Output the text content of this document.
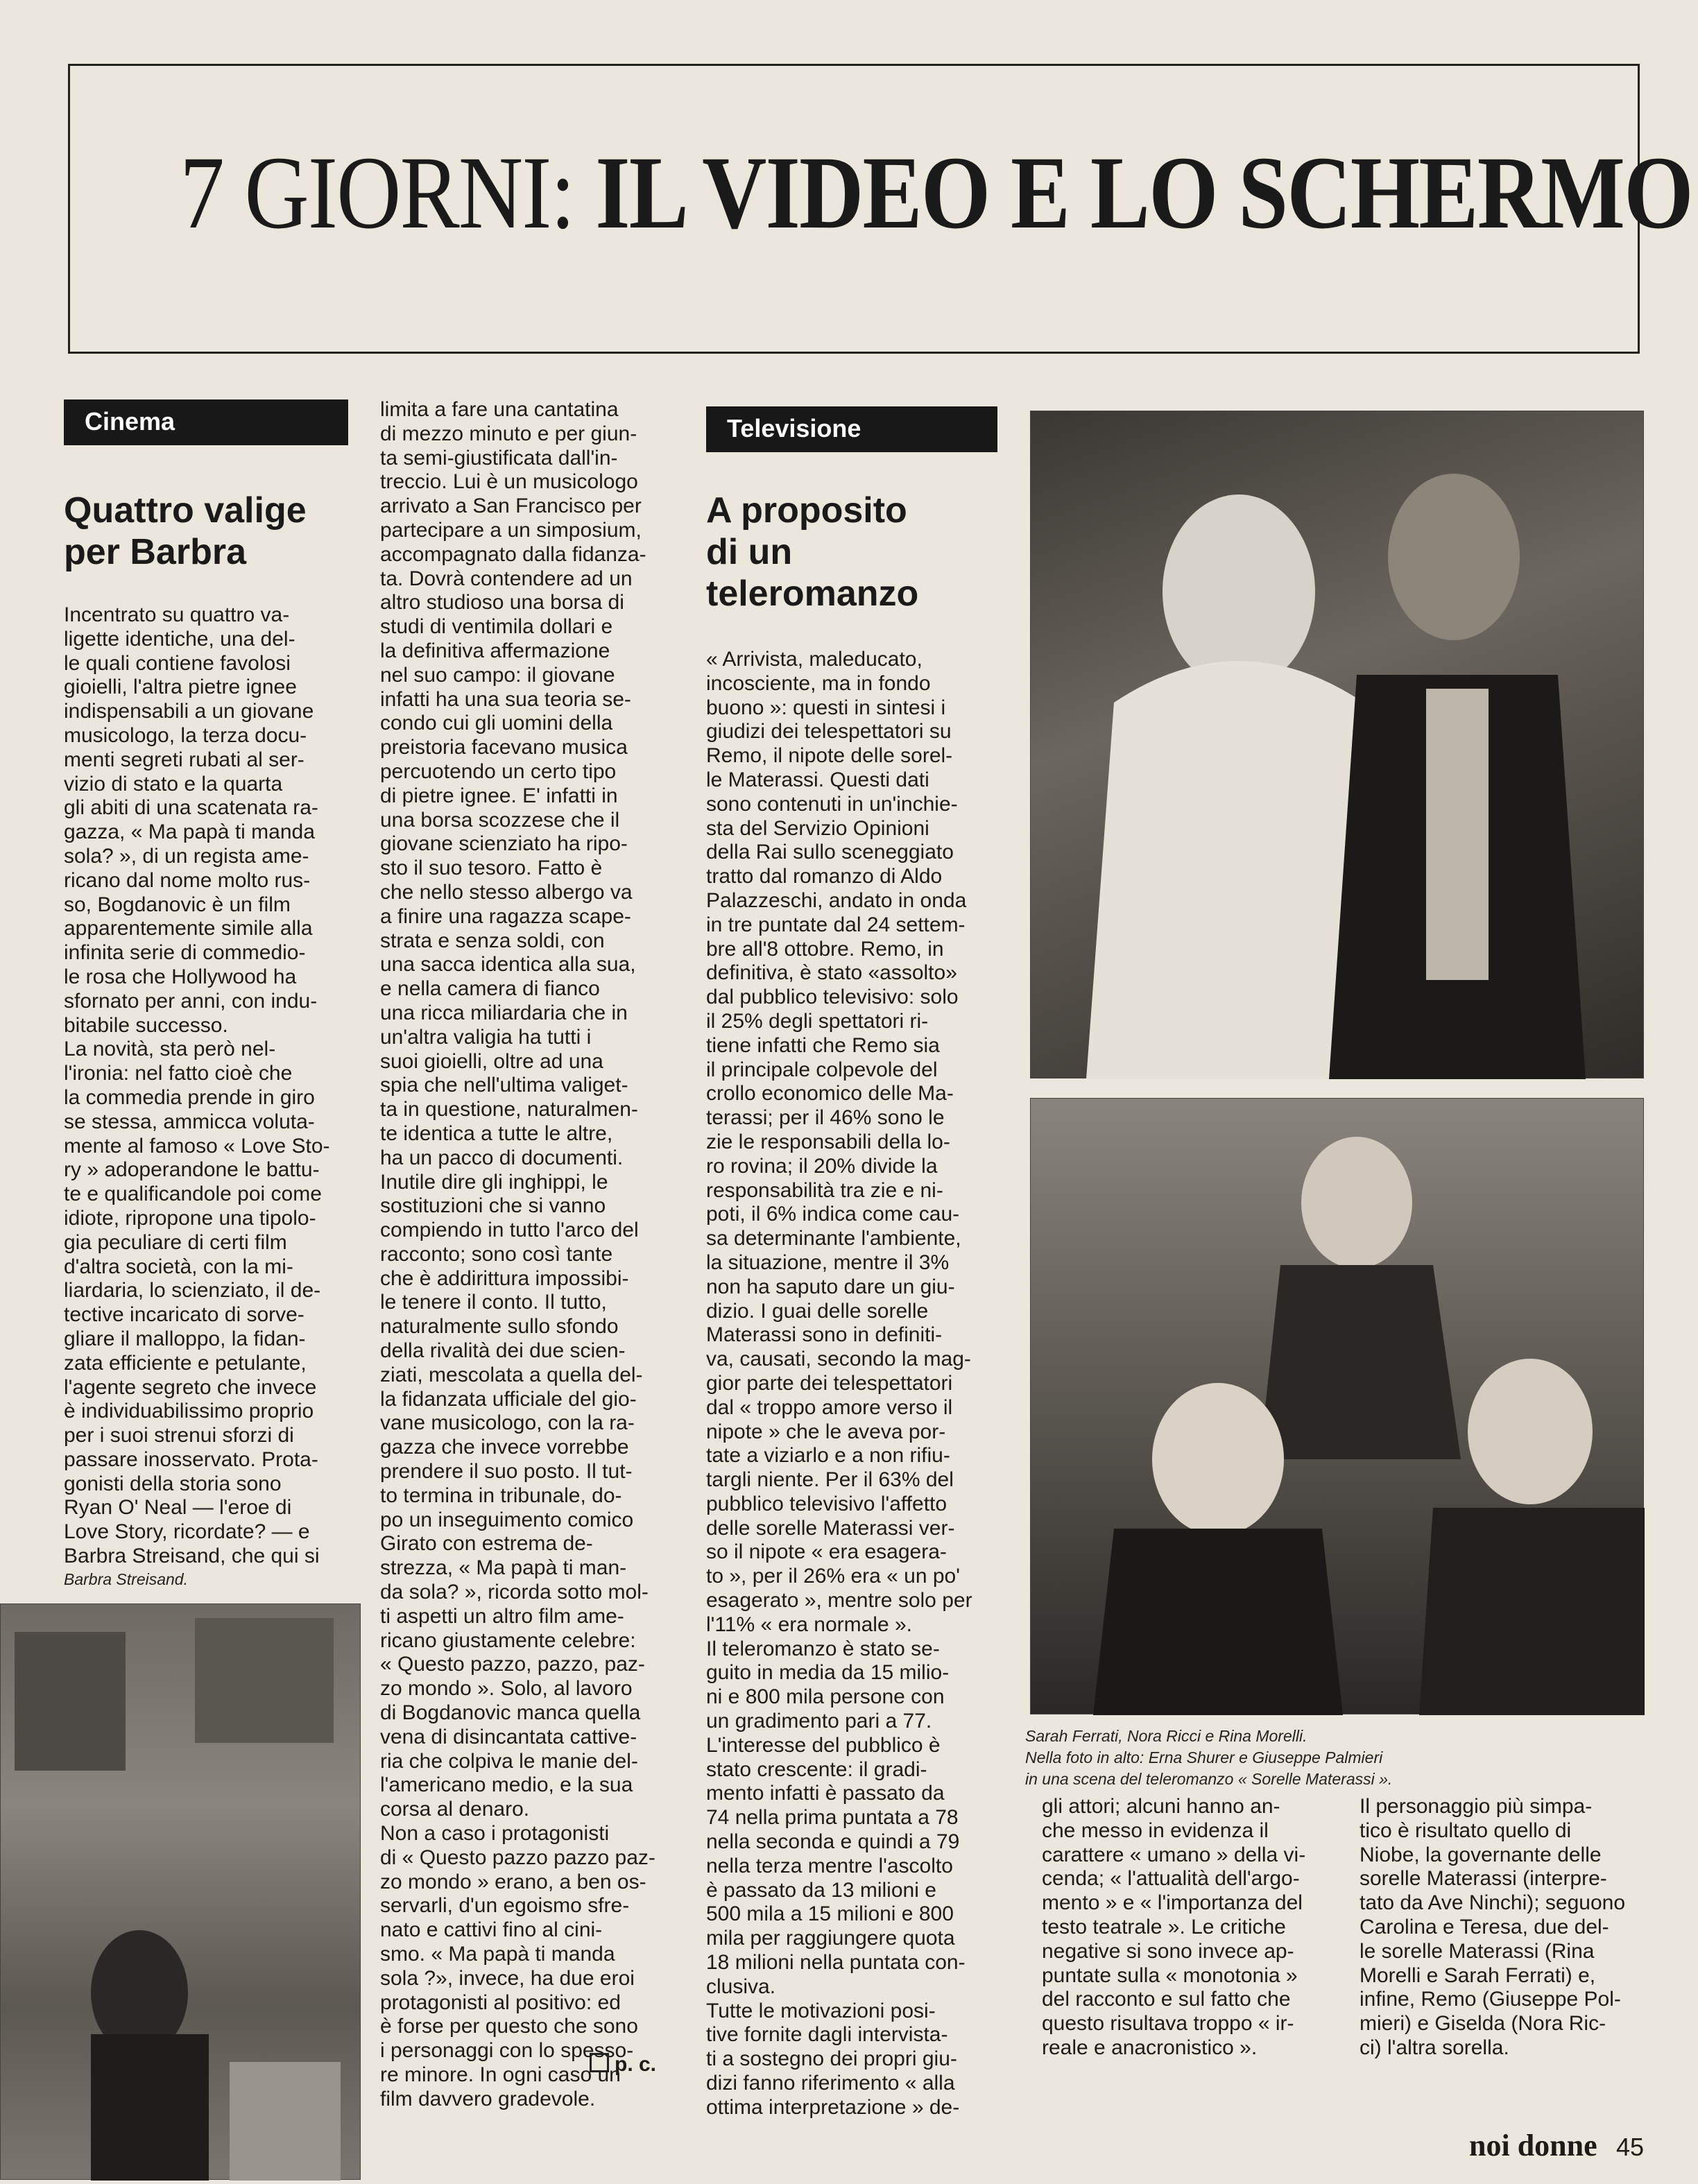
7 GIORNI: IL VIDEO E LO SCHERMO
Cinema
Quattro valige
per Barbra
Incentrato su quattro va-
ligette identiche, una del-
le quali contiene favolosi
gioielli, l'altra pietre ignee
indispensabili a un giovane
musicologo, la terza docu-
menti segreti rubati al ser-
vizio di stato e la quarta
gli abiti di una scatenata ra-
gazza, « Ma papà ti manda
sola? », di un regista ame-
ricano dal nome molto rus-
so, Bogdanovic è un film
apparentemente simile alla
infinita serie di commedio-
le rosa che Hollywood ha
sfornato per anni, con indu-
bitabile successo.
La novità, sta però nel-
l'ironia: nel fatto cioè che
la commedia prende in giro
se stessa, ammicca voluta-
mente al famoso « Love Sto-
ry » adoperandone le battu-
te e qualificandole poi come
idiote, ripropone una tipolo-
gia peculiare di certi film
d'altra società, con la mi-
liardaria, lo scienziato, il de-
tective incaricato di sorve-
gliare il malloppo, la fidan-
zata efficiente e petulante,
l'agente segreto che invece
è individuabilissimo proprio
per i suoi strenui sforzi di
passare inosservato. Prota-
gonisti della storia sono
Ryan O' Neal — l'eroe di
Love Story, ricordate? — e
Barbra Streisand, che qui si
Barbra Streisand.
limita a fare una cantatina
di mezzo minuto e per giun-
ta semi-giustificata dall'in-
treccio. Lui è un musicologo
arrivato a San Francisco per
partecipare a un simposium,
accompagnato dalla fidanza-
ta. Dovrà contendere ad un
altro studioso una borsa di
studi di ventimila dollari e
la definitiva affermazione
nel suo campo: il giovane
infatti ha una sua teoria se-
condo cui gli uomini della
preistoria facevano musica
percuotendo un certo tipo
di pietre ignee. E' infatti in
una borsa scozzese che il
giovane scienziato ha ripo-
sto il suo tesoro. Fatto è
che nello stesso albergo va
a finire una ragazza scape-
strata e senza soldi, con
una sacca identica alla sua,
e nella camera di fianco
una ricca miliardaria che in
un'altra valigia ha tutti i
suoi gioielli, oltre ad una
spia che nell'ultima valiget-
ta in questione, naturalmen-
te identica a tutte le altre,
ha un pacco di documenti.
Inutile dire gli inghippi, le
sostituzioni che si vanno
compiendo in tutto l'arco del
racconto; sono così tante
che è addirittura impossibi-
le tenere il conto. Il tutto,
naturalmente sullo sfondo
della rivalità dei due scien-
ziati, mescolata a quella del-
la fidanzata ufficiale del gio-
vane musicologo, con la ra-
gazza che invece vorrebbe
prendere il suo posto. Il tut-
to termina in tribunale, do-
po un inseguimento comico
Girato con estrema de-
strezza, « Ma papà ti man-
da sola? », ricorda sotto mol-
ti aspetti un altro film ame-
ricano giustamente celebre:
« Questo pazzo, pazzo, paz-
zo mondo ». Solo, al lavoro
di Bogdanovic manca quella
vena di disincantata cattive-
ria che colpiva le manie del-
l'americano medio, e la sua
corsa al denaro.
Non a caso i protagonisti
di « Questo pazzo pazzo paz-
zo mondo » erano, a ben os-
servarli, d'un egoismo sfre-
nato e cattivi fino al cini-
smo. « Ma papà ti manda
sola ?», invece, ha due eroi
protagonisti al positivo: ed
è forse per questo che sono
i personaggi con lo spesso-
re minore. In ogni caso un
film davvero gradevole.
p. c.
Televisione
A proposito
di un
teleromanzo
« Arrivista, maleducato,
incosciente, ma in fondo
buono »: questi in sintesi i
giudizi dei telespettatori su
Remo, il nipote delle sorel-
le Materassi. Questi dati
sono contenuti in un'inchie-
sta del Servizio Opinioni
della Rai sullo sceneggiato
tratto dal romanzo di Aldo
Palazzeschi, andato in onda
in tre puntate dal 24 settem-
bre all'8 ottobre. Remo, in
definitiva, è stato «assolto»
dal pubblico televisivo: solo
il 25% degli spettatori ri-
tiene infatti che Remo sia
il principale colpevole del
crollo economico delle Ma-
terassi; per il 46% sono le
zie le responsabili della lo-
ro rovina; il 20% divide la
responsabilità tra zie e ni-
poti, il 6% indica come cau-
sa determinante l'ambiente,
la situazione, mentre il 3%
non ha saputo dare un giu-
dizio. I guai delle sorelle
Materassi sono in definiti-
va, causati, secondo la mag-
gior parte dei telespettatori
dal « troppo amore verso il
nipote » che le aveva por-
tate a viziarlo e a non rifiu-
targli niente. Per il 63% del
pubblico televisivo l'affetto
delle sorelle Materassi ver-
so il nipote « era esagera-
to », per il 26% era « un po'
esagerato », mentre solo per
l'11% « era normale ».
Il teleromanzo è stato se-
guito in media da 15 milio-
ni e 800 mila persone con
un gradimento pari a 77.
L'interesse del pubblico è
stato crescente: il gradi-
mento infatti è passato da
74 nella prima puntata a 78
nella seconda e quindi a 79
nella terza mentre l'ascolto
è passato da 13 milioni e
500 mila a 15 milioni e 800
mila per raggiungere quota
18 milioni nella puntata con-
clusiva.
Tutte le motivazioni posi-
tive fornite dagli intervista-
ti a sostegno dei propri giu-
dizi fanno riferimento « alla
ottima interpretazione » de-
Sarah Ferrati, Nora Ricci e Rina Morelli.
Nella foto in alto: Erna Shurer e Giuseppe Palmieri
in una scena del teleromanzo « Sorelle Materassi ».
gli attori; alcuni hanno an-
che messo in evidenza il
carattere « umano » della vi-
cenda; « l'attualità dell'argo-
mento » e « l'importanza del
testo teatrale ». Le critiche
negative si sono invece ap-
puntate sulla « monotonia »
del racconto e sul fatto che
questo risultava troppo « ir-
reale e anacronistico ».
Il personaggio più simpa-
tico è risultato quello di
Niobe, la governante delle
sorelle Materassi (interpre-
tato da Ave Ninchi); seguono
Carolina e Teresa, due del-
le sorelle Materassi (Rina
Morelli e Sarah Ferrati) e,
infine, Remo (Giuseppe Pol-
mieri) e Giselda (Nora Ric-
ci) l'altra sorella.
noi donne 45
